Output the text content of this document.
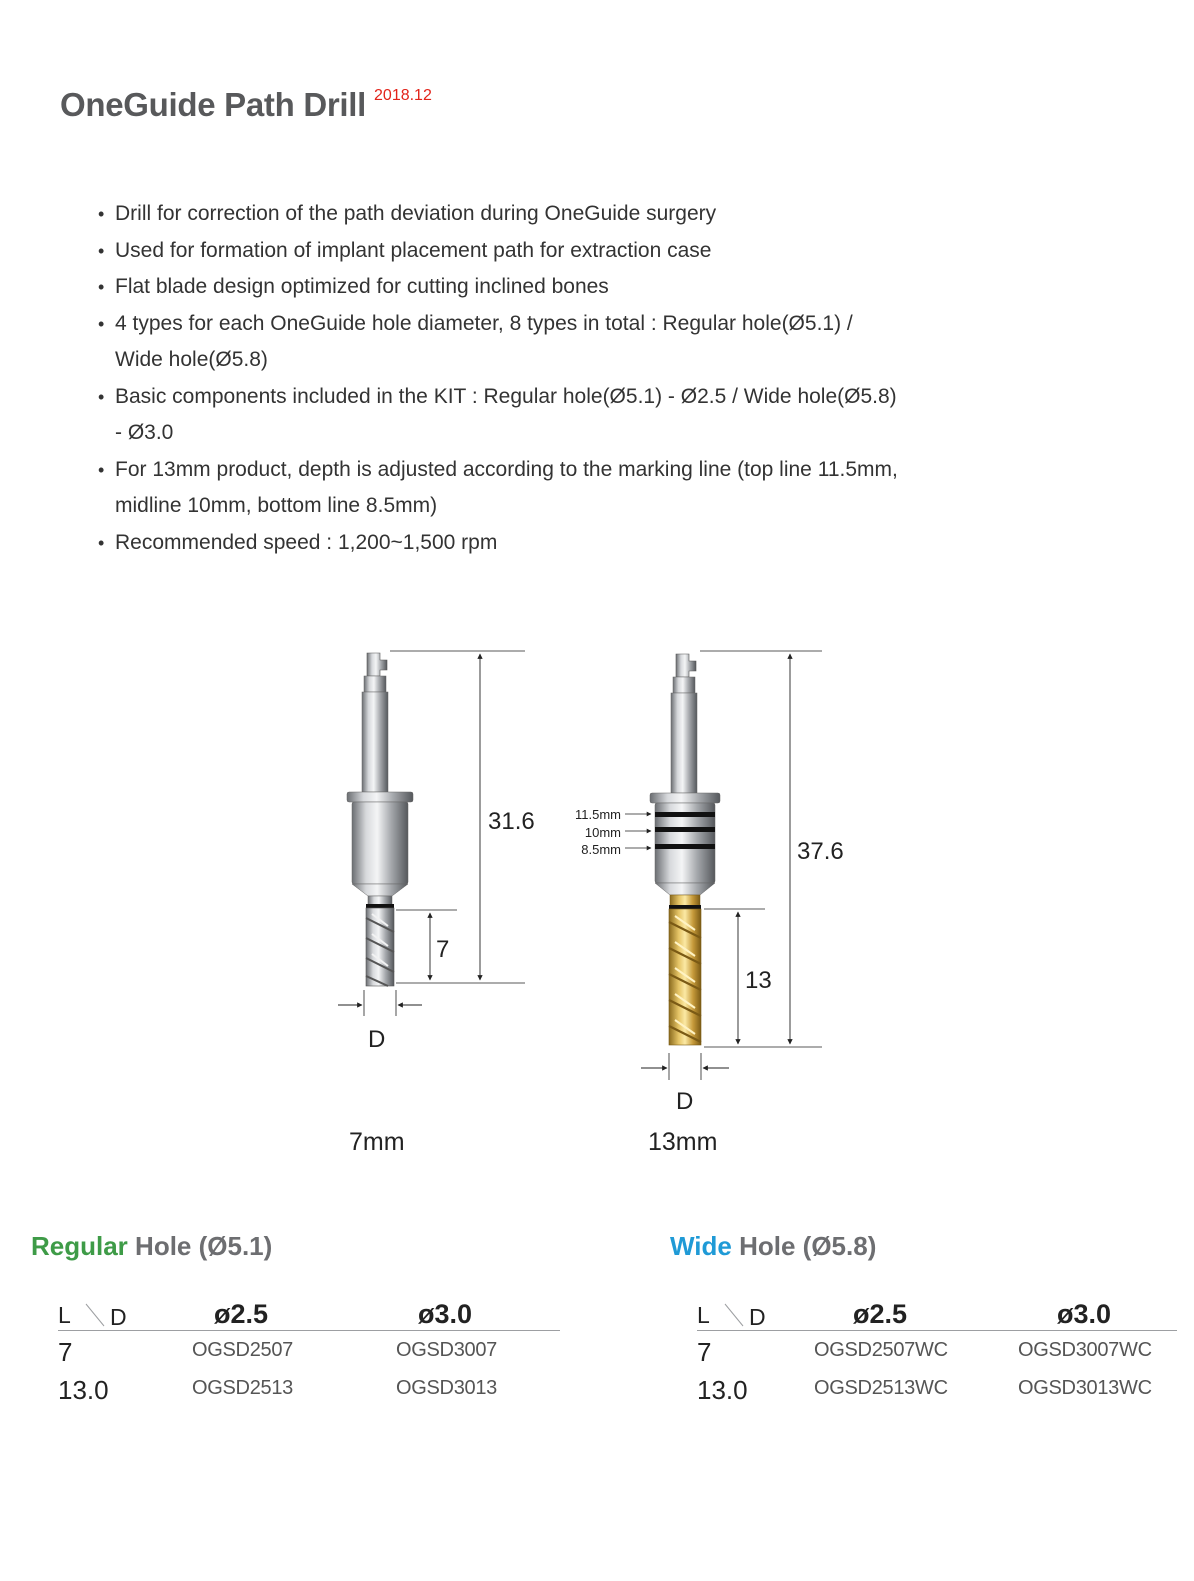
OneGuide Path Drill 2018.12
• Drill for correction of the path deviation during OneGuide surgery
• Used for formation of implant placement path for extraction case
• Flat blade design optimized for cutting inclined bones
• 4 types for each OneGuide hole diameter, 8 types in total : Regular hole(Ø5.1) / Wide hole(Ø5.8)
• Basic components included in the KIT : Regular hole(Ø5.1) - Ø2.5 / Wide hole(Ø5.8) - Ø3.0
• For 13mm product, depth is adjusted according to the marking line (top line 11.5mm, midline 10mm, bottom line 8.5mm)
• Recommended speed : 1,200~1,500 rpm
31.6
7
D
7mm
11.5mm
10mm
8.5mm	37.6
13
D
13mm
Regular Hole (Ø5.1)
L D	ø2.5	ø3.0
7	OGSD2507	OGSD3007
13.0	OGSD2513	OGSD3013
Wide Hole (Ø5.8)
L D	ø2.5	ø3.0
7	OGSD2507WC	OGSD3007WC
13.0	OGSD2513WC	OGSD3013WC
